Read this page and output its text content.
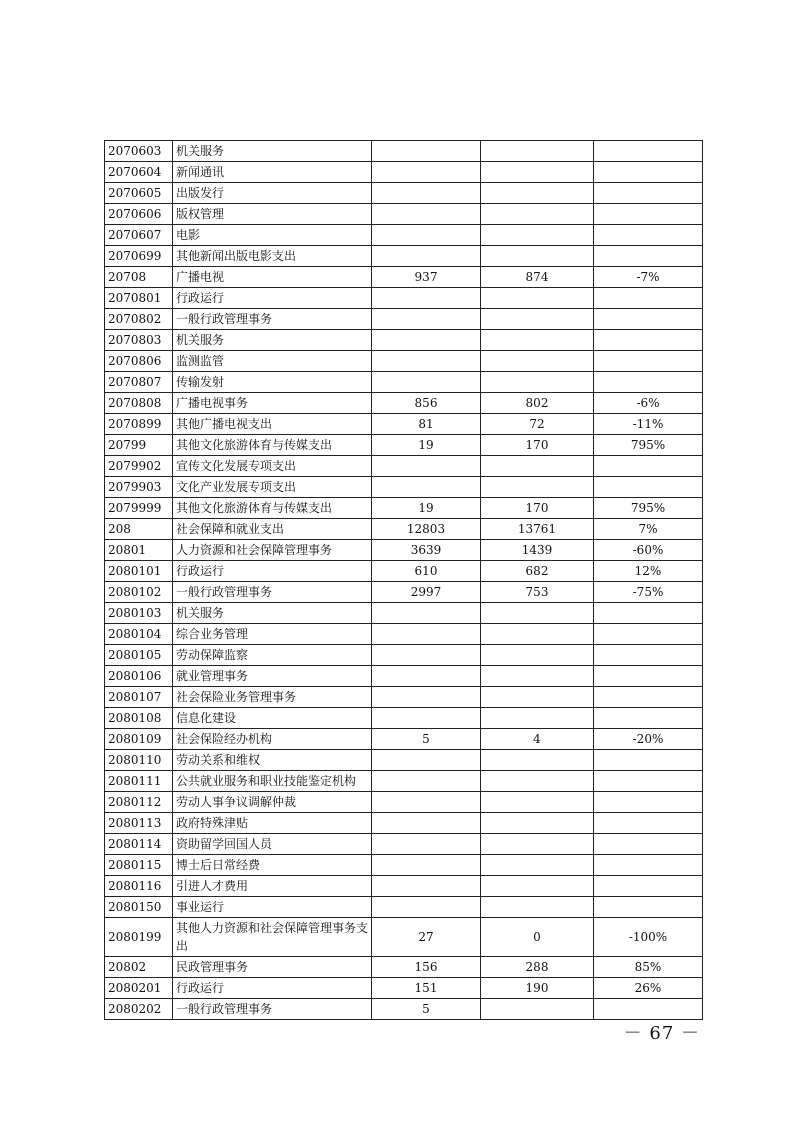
2070603	机关服务			
2070604	新闻通讯			
2070605	出版发行			
2070606	版权管理			
2070607	电影			
2070699	其他新闻出版电影支出			
20708	广播电视	937	874	-7%
2070801	行政运行			
2070802	一般行政管理事务			
2070803	机关服务			
2070806	监测监管			
2070807	传输发射			
2070808	广播电视事务	856	802	-6%
2070899	其他广播电视支出	81	72	-11%
20799	其他文化旅游体育与传媒支出	19	170	795%
2079902	宣传文化发展专项支出			
2079903	文化产业发展专项支出			
2079999	其他文化旅游体育与传媒支出	19	170	795%
208	社会保障和就业支出	12803	13761	7%
20801	人力资源和社会保障管理事务	3639	1439	-60%
2080101	行政运行	610	682	12%
2080102	一般行政管理事务	2997	753	-75%
2080103	机关服务			
2080104	综合业务管理			
2080105	劳动保障监察			
2080106	就业管理事务			
2080107	社会保险业务管理事务			
2080108	信息化建设			
2080109	社会保险经办机构	5	4	-20%
2080110	劳动关系和维权			
2080111	公共就业服务和职业技能鉴定机构			
2080112	劳动人事争议调解仲裁			
2080113	政府特殊津贴			
2080114	资助留学回国人员			
2080115	博士后日常经费			
2080116	引进人才费用			
2080150	事业运行			
2080199	其他人力资源和社会保障管理事务支出	27	0	-100%
20802	民政管理事务	156	288	85%
2080201	行政运行	151	190	26%
2080202	一般行政管理事务	5		
－ 67 －
